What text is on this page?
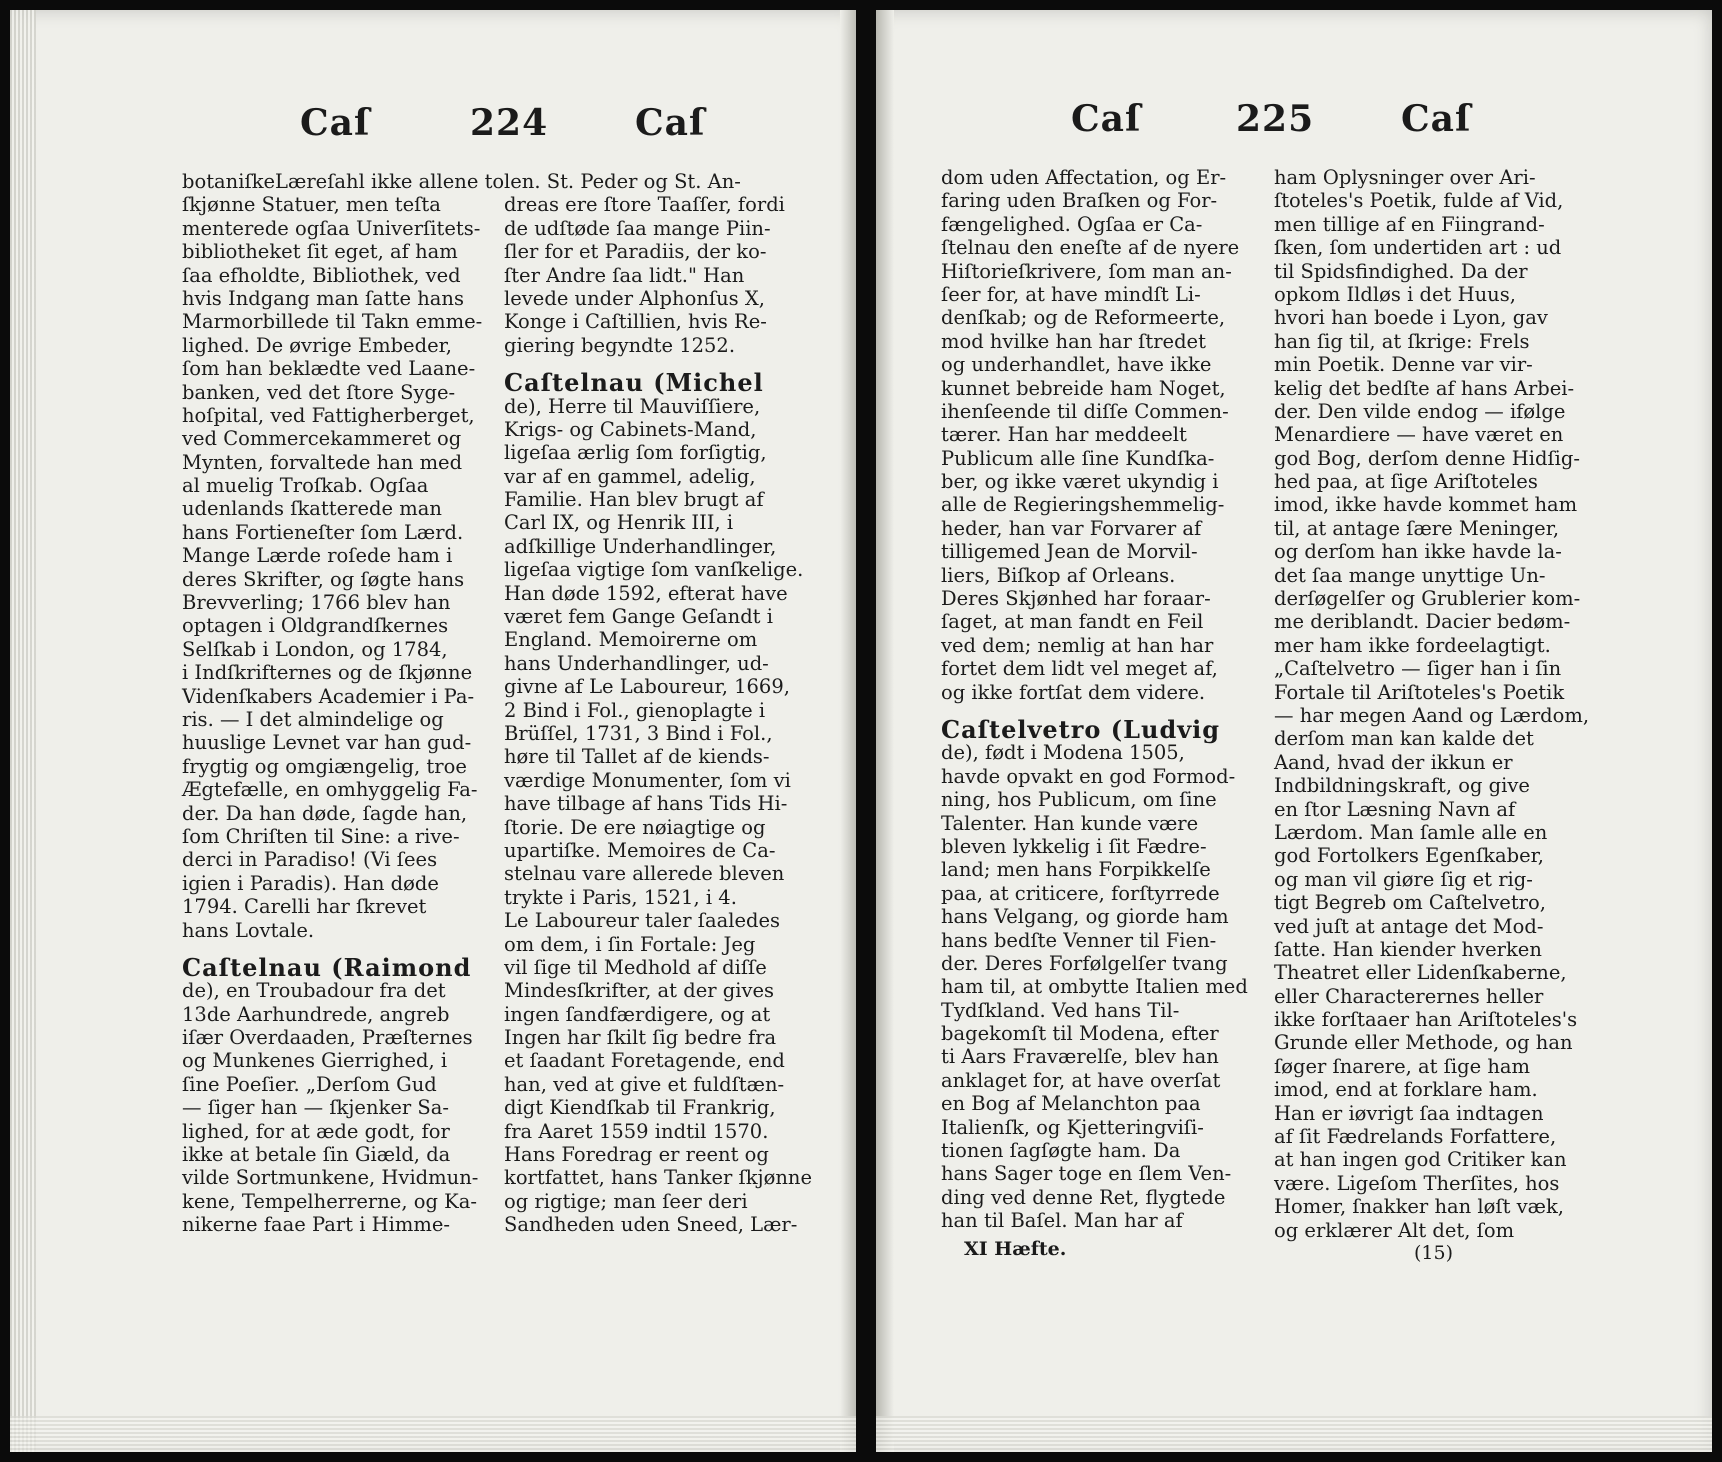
Caſ	224 Caſ
botaniſkeLæreſahl ikke allene to
ſkjønne Statuer, men teſta
menterede ogſaa Univerſitets-
bibliotheket ſit eget, af ham
ſaa efholdte, Bibliothek, ved
hvis Indgang man ſatte hans
Marmorbillede til Takn emme-
lighed. De øvrige Embeder,
ſom han beklædte ved Laane-
banken, ved det ſtore Syge-
hoſpital, ved Fattigherberget,
ved Commercekammeret og
Mynten, forvaltede han med
al muelig Troſkab. Ogſaa
udenlands ſkatterede man
hans Fortieneſter ſom Lærd.
Mange Lærde roſede ham i
deres Skrifter, og ſøgte hans
Brevverling; 1766 blev han
optagen i Oldgrandſkernes
Selſkab i London, og 1784,
i Indſkrifternes og de ſkjønne
Videnſkabers Academier i Pa-
ris. — I det almindelige og
huuslige Levnet var han gud-
frygtig og omgiængelig, troe
Ægtefælle, en omhyggelig Fa-
der. Da han døde, ſagde han,
ſom Chriſten til Sine: a rive-
derci in Paradiso! (Vi ſees
igien i Paradis). Han døde
1794. Carelli har ſkrevet
hans Lovtale.
Caſtelnau (Raimond
de), en Troubadour fra det
13de Aarhundrede, angreb
iſær Overdaaden, Præſternes
og Munkenes Gierrighed, i
ſine Poeſier. „Derſom Gud
— ſiger han — ſkjenker Sa-
lighed, for at æde godt, for
ikke at betale ſin Giæld, da
vilde Sortmunkene, Hvidmun-
kene, Tempelherrerne, og Ka-
nikerne faae Part i Himme-
len. St. Peder og St. An-
dreas ere ſtore Taaſſer, fordi
de udſtøde ſaa mange Piin-
ſler for et Paradiis, der ko-
ſter Andre ſaa lidt." Han
levede under Alphonſus X,
Konge i Caſtillien, hvis Re-
giering begyndte 1252.
Caſtelnau (Michel
de), Herre til Mauviſſiere,
Krigs- og Cabinets-Mand,
ligeſaa ærlig ſom forſigtig,
var af en gammel, adelig,
Familie. Han blev brugt af
Carl IX, og Henrik III, i
adſkillige Underhandlinger,
ligeſaa vigtige ſom vanſkelige.
Han døde 1592, efterat have
været fem Gange Geſandt i
England. Memoirerne om
hans Underhandlinger, ud-
givne af Le Laboureur, 1669,
2 Bind i Fol., gienoplagte i
Brüſſel, 1731, 3 Bind i Fol.,
høre til Tallet af de kiends-
værdige Monumenter, ſom vi
have tilbage af hans Tids Hi-
ſtorie. De ere nøiagtige og
upartiſke. Memoires de Ca-
stelnau vare allerede bleven
trykte i Paris, 1521, i 4.
Le Laboureur taler ſaaledes
om dem, i ſin Fortale: Jeg
vil ſige til Medhold af diſſe
Mindesſkrifter, at der gives
ingen ſandfærdigere, og at
Ingen har ſkilt ſig bedre fra
et ſaadant Foretagende, end
han, ved at give et fuldſtæn-
digt Kiendſkab til Frankrig,
fra Aaret 1559 indtil 1570.
Hans Foredrag er reent og
kortfattet, hans Tanker ſkjønne
og rigtige; man ſeer deri
Sandheden uden Sneed, Lær-
Caſ	225 Caſ
dom uden Affectation, og Er-
faring uden Braſken og For-
fængelighed. Ogſaa er Ca-
ſtelnau den eneſte af de nyere
Hiſtorieſkrivere, ſom man an-
ſeer for, at have mindſt Li-
denſkab; og de Reformeerte,
mod hvilke han har ſtredet
og underhandlet, have ikke
kunnet bebreide ham Noget,
ihenſeende til diſſe Commen-
tærer. Han har meddeelt
Publicum alle ſine Kundſka-
ber, og ikke været ukyndig i
alle de Regieringshemmelig-
heder, han var Forvarer af
tilligemed Jean de Morvil-
liers, Biſkop af Orleans.
Deres Skjønhed har foraar-
ſaget, at man fandt en Feil
ved dem; nemlig at han har
fortet dem lidt vel meget af,
og ikke fortſat dem videre.
Caſtelvetro (Ludvig
de), født i Modena 1505,
havde opvakt en god Formod-
ning, hos Publicum, om ſine
Talenter. Han kunde være
bleven lykkelig i ſit Fædre-
land; men hans Forpikkelſe
paa, at criticere, forſtyrrede
hans Velgang, og giorde ham
hans bedſte Venner til Fien-
der. Deres Forfølgelſer tvang
ham til, at ombytte Italien med
Tydſkland. Ved hans Til-
bagekomſt til Modena, efter
ti Aars Fraværelſe, blev han
anklaget for, at have overſat
en Bog af Melanchton paa
Italienſk, og Kjetteringviſi-
tionen ſagſøgte ham. Da
hans Sager toge en ſlem Ven-
ding ved denne Ret, flygtede
han til Baſel. Man har af
ham Oplysninger over Ari-
ſtoteles's Poetik, fulde af Vid,
men tillige af en Fiingrand-
ſken, ſom undertiden art : ud
til Spidsfindighed. Da der
opkom Ildløs i det Huus,
hvori han boede i Lyon, gav
han ſig til, at ſkrige: Frels
min Poetik. Denne var vir-
kelig det bedſte af hans Arbei-
der. Den vilde endog — ifølge
Menardiere — have været en
god Bog, derſom denne Hidſig-
hed paa, at ſige Ariſtoteles
imod, ikke havde kommet ham
til, at antage ſære Meninger,
og derſom han ikke havde la-
det ſaa mange unyttige Un-
derſøgelſer og Grublerier kom-
me deriblandt. Dacier bedøm-
mer ham ikke fordeelagtigt.
„Caſtelvetro — ſiger han i ſin
Fortale til Ariſtoteles's Poetik
— har megen Aand og Lærdom,
derſom man kan kalde det
Aand, hvad der ikkun er
Indbildningskraft, og give
en ſtor Læsning Navn af
Lærdom. Man ſamle alle en
god Fortolkers Egenſkaber,
og man vil giøre ſig et rig-
tigt Begreb om Caſtelvetro,
ved juſt at antage det Mod-
ſatte. Han kiender hverken
Theatret eller Lidenſkaberne,
eller Characterernes heller
ikke forſtaaer han Ariſtoteles's
Grunde eller Methode, og han
ſøger ſnarere, at ſige ham
imod, end at forklare ham.
Han er iøvrigt ſaa indtagen
af ſit Fædrelands Forfattere,
at han ingen god Critiker kan
være. Ligeſom Therſites, hos
Homer, ſnakker han løſt væk,
og erklærer Alt det, ſom
XI Hæfte.	(15)
